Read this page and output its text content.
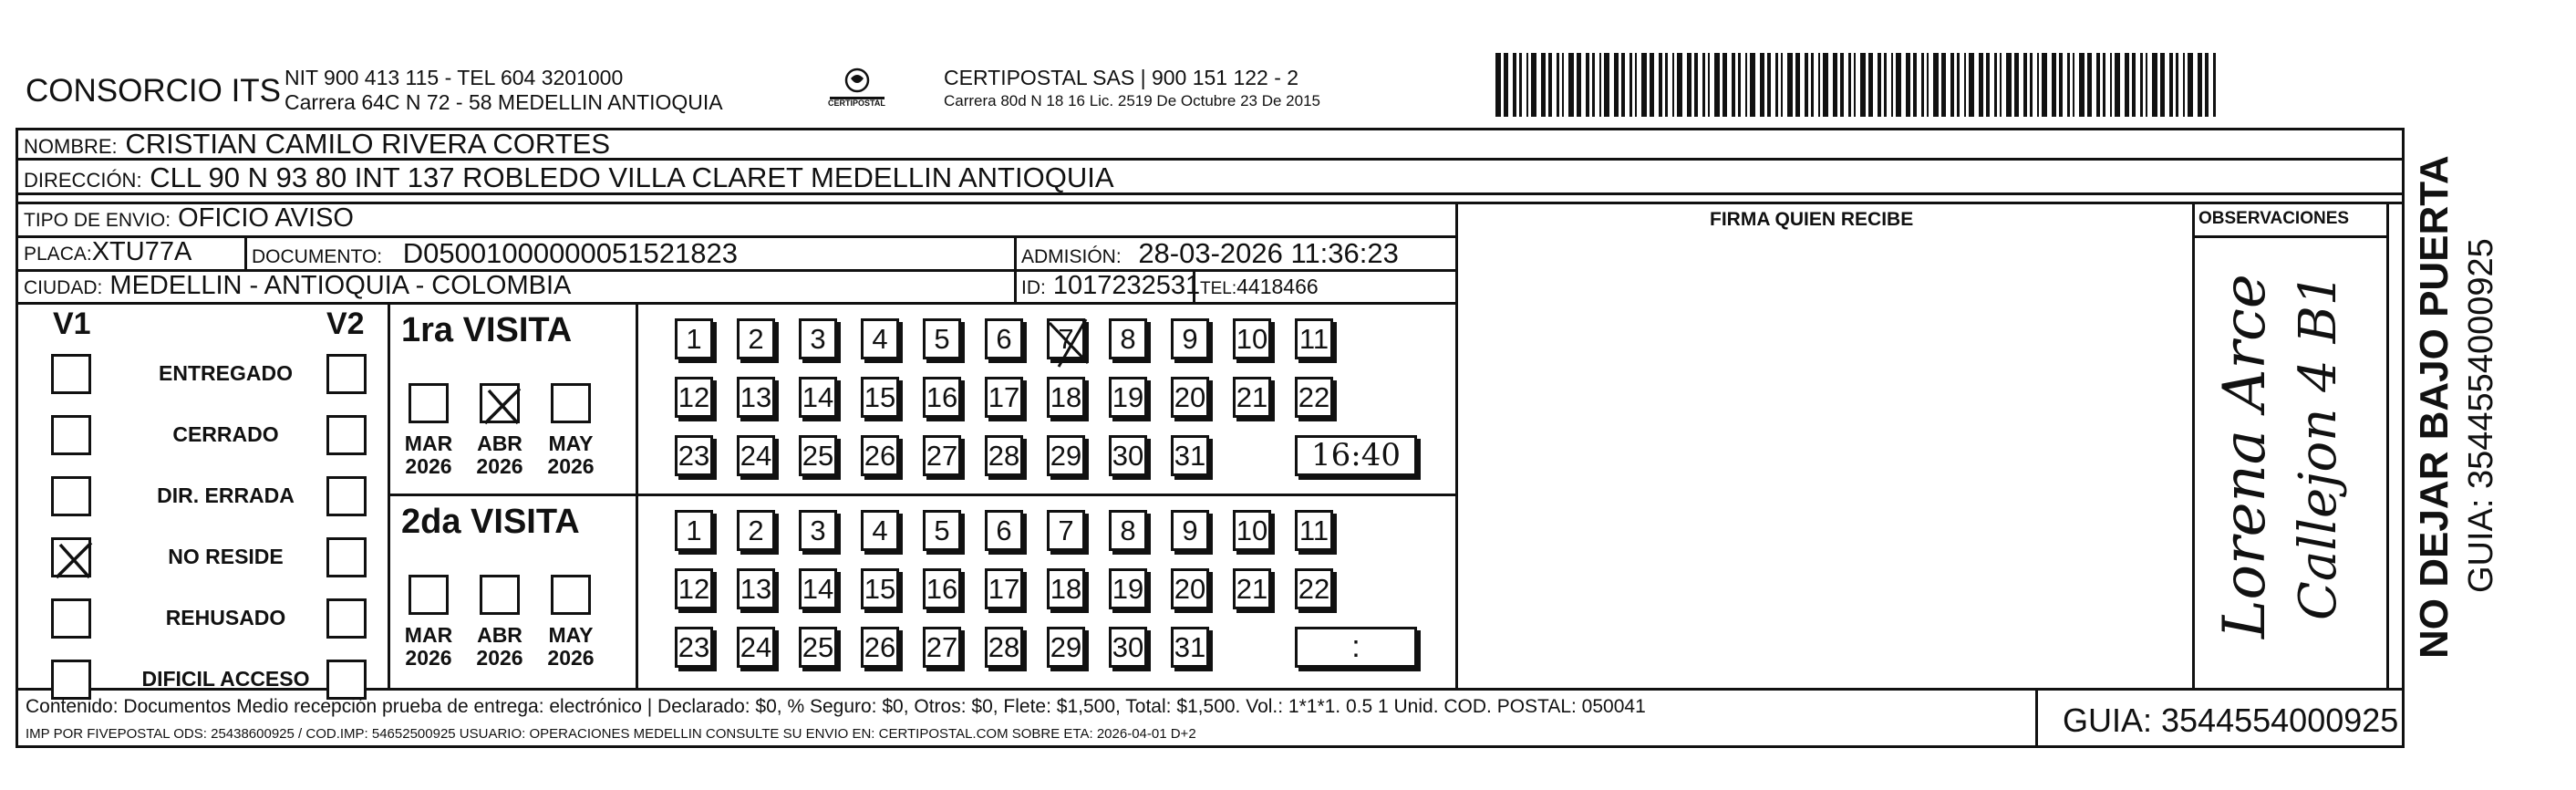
CONSORCIO ITS NIT 900 413 115 - TEL 604 3201000
Carrera 64C N 72 - 58 MEDELLIN ANTIOQUIA	CERTIPOSTAL
CERTIPOSTAL SAS | 900 151 122 - 2
Carrera 80d N 18 16 Lic. 2519 De Octubre 23 De 2015
NOMBRE: CRISTIAN CAMILO RIVERA CORTES
DIRECCIÓN: CLL 90 N 93 80 INT 137 ROBLEDO VILLA CLARET MEDELLIN ANTIOQUIA
TIPO DE ENVIO: OFICIO AVISO	FIRMA QUIEN RECIBE	OBSERVACIONES
PLACA:XTU77A	DOCUMENTO: D05001000000051521823	ADMISIÓN: 28-03-2026 11:36:23
CIUDAD: MEDELLIN - ANTIOQUIA - COLOMBIA	ID: 1017232531 TEL:4418466
V1	V2
ENTREGADO
CERRADO
DIR. ERRADA
NO RESIDE
REHUSADO
DIFICIL ACCESO
1ra VISITA
MAR
2026
ABR
2026
MAY
2026
1	2	3	4	5	6	7	8	9	10 11
12 13 14 15 16 17 18 19 20 21 22
23 24 25 26 27 28 29 30 31	16:40
2da VISITA
MAR
2026
ABR
2026
MAY
2026
1	2	3	4	5	6	7	8	9	10 11
12 13 14 15 16 17 18 19 20 21 22
23 24 25 26 27 28 29 30 31	:
Contenido: Documentos Medio recepción prueba de entrega: electrónico | Declarado: $0, % Seguro: $0, Otros: $0, Flete: $1,500, Total: $1,500. Vol.: 1*1*1. 0.5 1 Unid. COD. POSTAL: 050041
IMP POR FIVEPOSTAL ODS: 25438600925 / COD.IMP: 54652500925 USUARIO: OPERACIONES MEDELLIN CONSULTE SU ENVIO EN: CERTIPOSTAL.COM SOBRE ETA: 2026-04-01 D+2	GUIA: 3544554000925
NO DEJAR BAJO PUERTA GUIA: 3544554000925
Lorena Arce Callejon 4 B1
